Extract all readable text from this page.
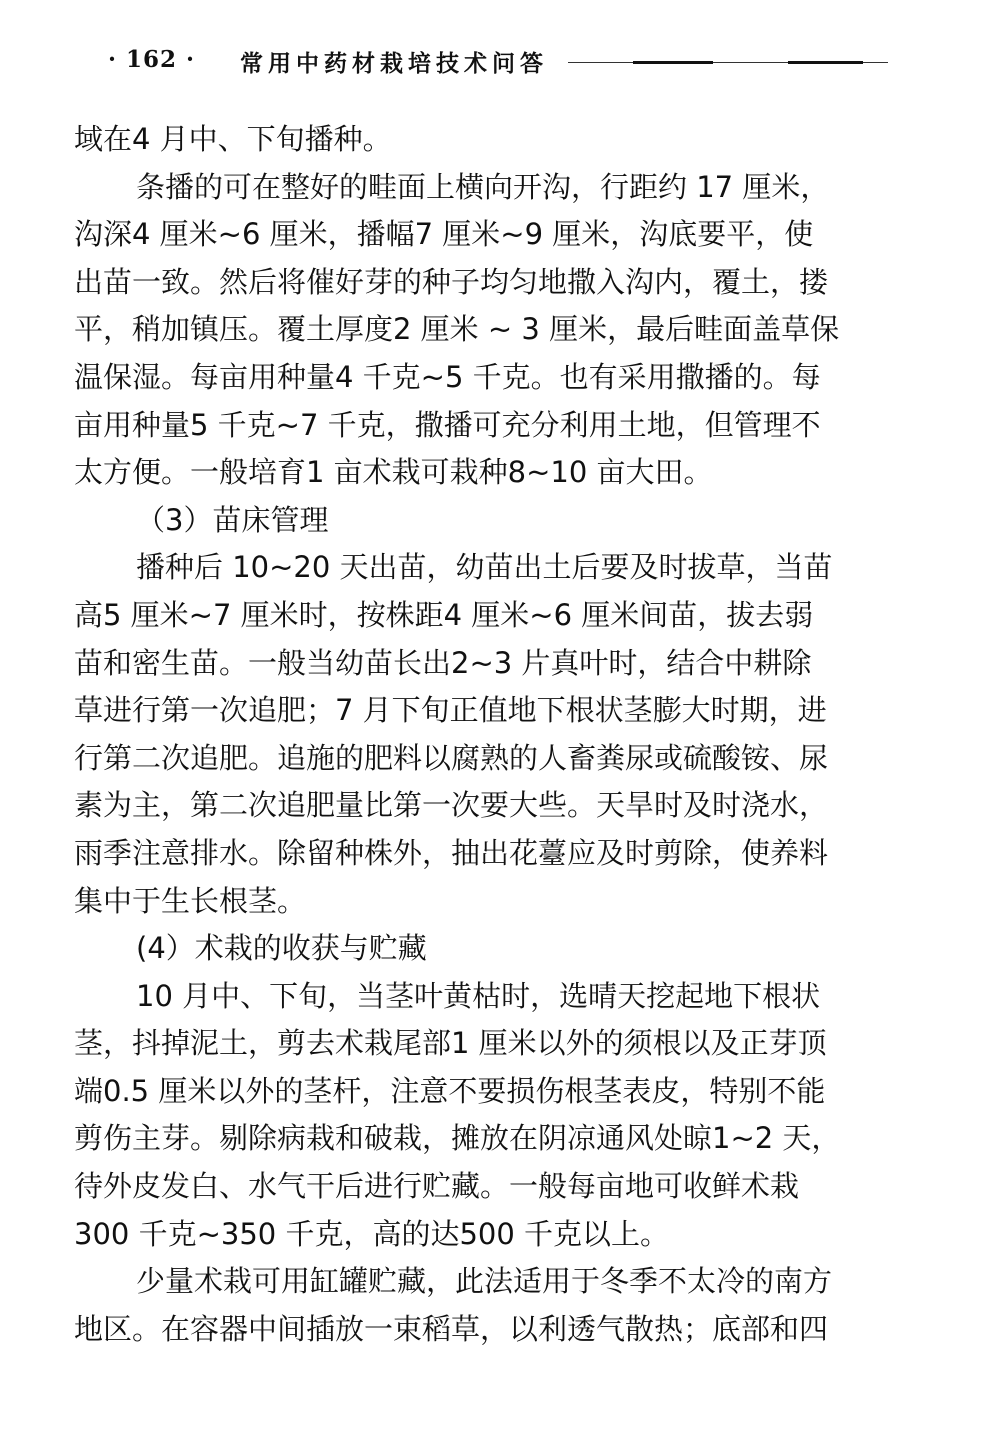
· 162 · 常用中药材栽培技术问答
域在4 月中、下旬播种。
条播的可在整好的畦面上横向开沟，行距约 17 厘米，
沟深4 厘米~6 厘米，播幅7 厘米~9 厘米，沟底要平，使
出苗一致。然后将催好芽的种子均匀地撒入沟内，覆土，搂
平，稍加镇压。覆土厚度2 厘米 ~ 3 厘米，最后畦面盖草保
温保湿。每亩用种量4 千克~5 千克。也有采用撒播的。每
亩用种量5 千克~7 千克，撒播可充分利用土地，但管理不
太方便。一般培育1 亩术栽可栽种8~10 亩大田。
（3）苗床管理
播种后 10~20 天出苗，幼苗出土后要及时拔草，当苗
高5 厘米~7 厘米时，按株距4 厘米~6 厘米间苗，拔去弱
苗和密生苗。一般当幼苗长出2~3 片真叶时，结合中耕除
草进行第一次追肥；7 月下旬正值地下根状茎膨大时期，进
行第二次追肥。追施的肥料以腐熟的人畜粪尿或硫酸铵、尿
素为主，第二次追肥量比第一次要大些。天旱时及时浇水，
雨季注意排水。除留种株外，抽出花薹应及时剪除，使养料
集中于生长根茎。
(4）术栽的收获与贮藏
10 月中、下旬，当茎叶黄枯时，选晴天挖起地下根状
茎，抖掉泥土，剪去术栽尾部1 厘米以外的须根以及正芽顶
端0.5 厘米以外的茎杆，注意不要损伤根茎表皮，特别不能
剪伤主芽。剔除病栽和破栽，摊放在阴凉通风处晾1~2 天，
待外皮发白、水气干后进行贮藏。一般每亩地可收鲜术栽
300 千克~350 千克，高的达500 千克以上。
少量术栽可用缸罐贮藏，此法适用于冬季不太冷的南方
地区。在容器中间插放一束稻草，以利透气散热；底部和四
